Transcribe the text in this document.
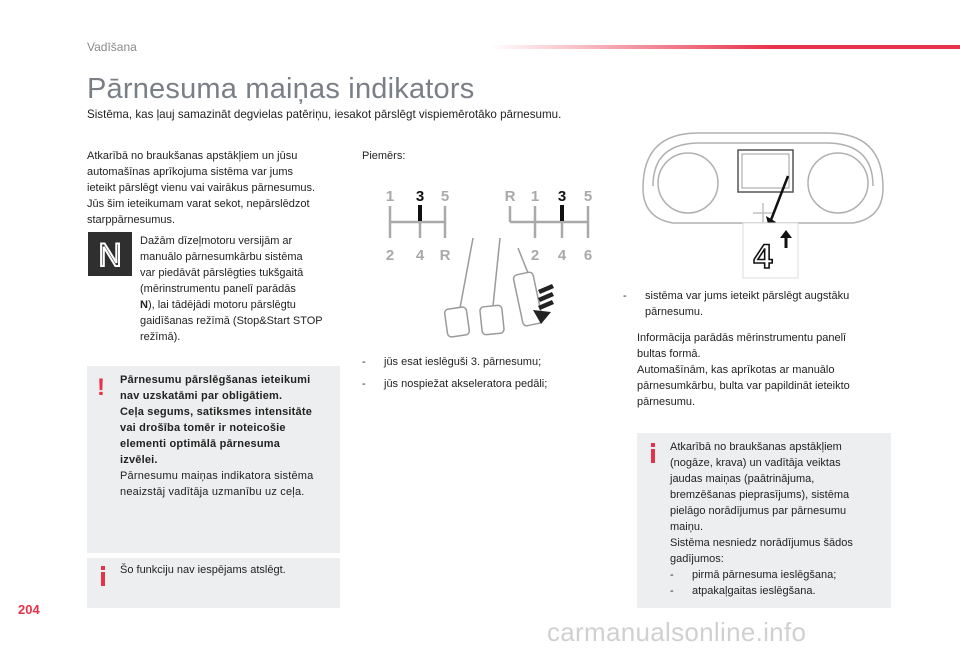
Vadīšana
Pārnesuma maiņas indikators
Sistēma, kas ļauj samazināt degvielas patēriņu, iesakot pārslēgt vispiemērotāko pārnesumu.
Atkarībā no braukšanas apstākļiem un jūsu
automašīnas aprīkojuma sistēma var jums
ieteikt pārslēgt vienu vai vairākus pārnesumus.
Jūs šim ieteikumam varat sekot, nepārslēdzot
starppārnesumus.
N Dažām dīzeļmotoru versijām ar
manuālo pārnesumkārbu sistēma
var piedāvāt pārslēgties tukšgaitā
(mērinstrumentu panelī parādās
N), lai tādējādi motoru pārslēgtu
gaidīšanas režīmā (Stop&Start STOP
režīmā).
! Pārnesumu pārslēgšanas ieteikumi
nav uzskatāmi par obligātiem.
Ceļa segums, satiksmes intensitāte
vai drošība tomēr ir noteicošie
elementi optimālā pārnesuma
izvēlei.
Pārnesumu maiņas indikatora sistēma
neaizstāj vadītāja uzmanību uz ceļa.
Šo funkciju nav iespējams atslēgt.
Piemērs:
1 3 5
2 4 R
R 1 3 5
2 4 6
- jūs esat ieslēguši 3. pārnesumu;
- jūs nospiežat akseleratora pedāli;
4
- sistēma var jums ieteikt pārslēgt augstāku
pārnesumu.
Informācija parādās mērinstrumentu panelī
bultas formā.
Automašīnām, kas aprīkotas ar manuālo
pārnesumkārbu, bulta var papildināt ieteikto
pārnesumu.
Atkarībā no braukšanas apstākļiem
(nogāze, krava) un vadītāja veiktas
jaudas maiņas (paātrinājuma,
bremzēšanas pieprasījums), sistēma
pielāgo norādījumus par pārnesumu
maiņu.
Sistēma nesniedz norādījumus šādos
gadījumos:
- pirmā pārnesuma ieslēgšana;
- atpakaļgaitas ieslēgšana.
204
carmanualsonline.info
